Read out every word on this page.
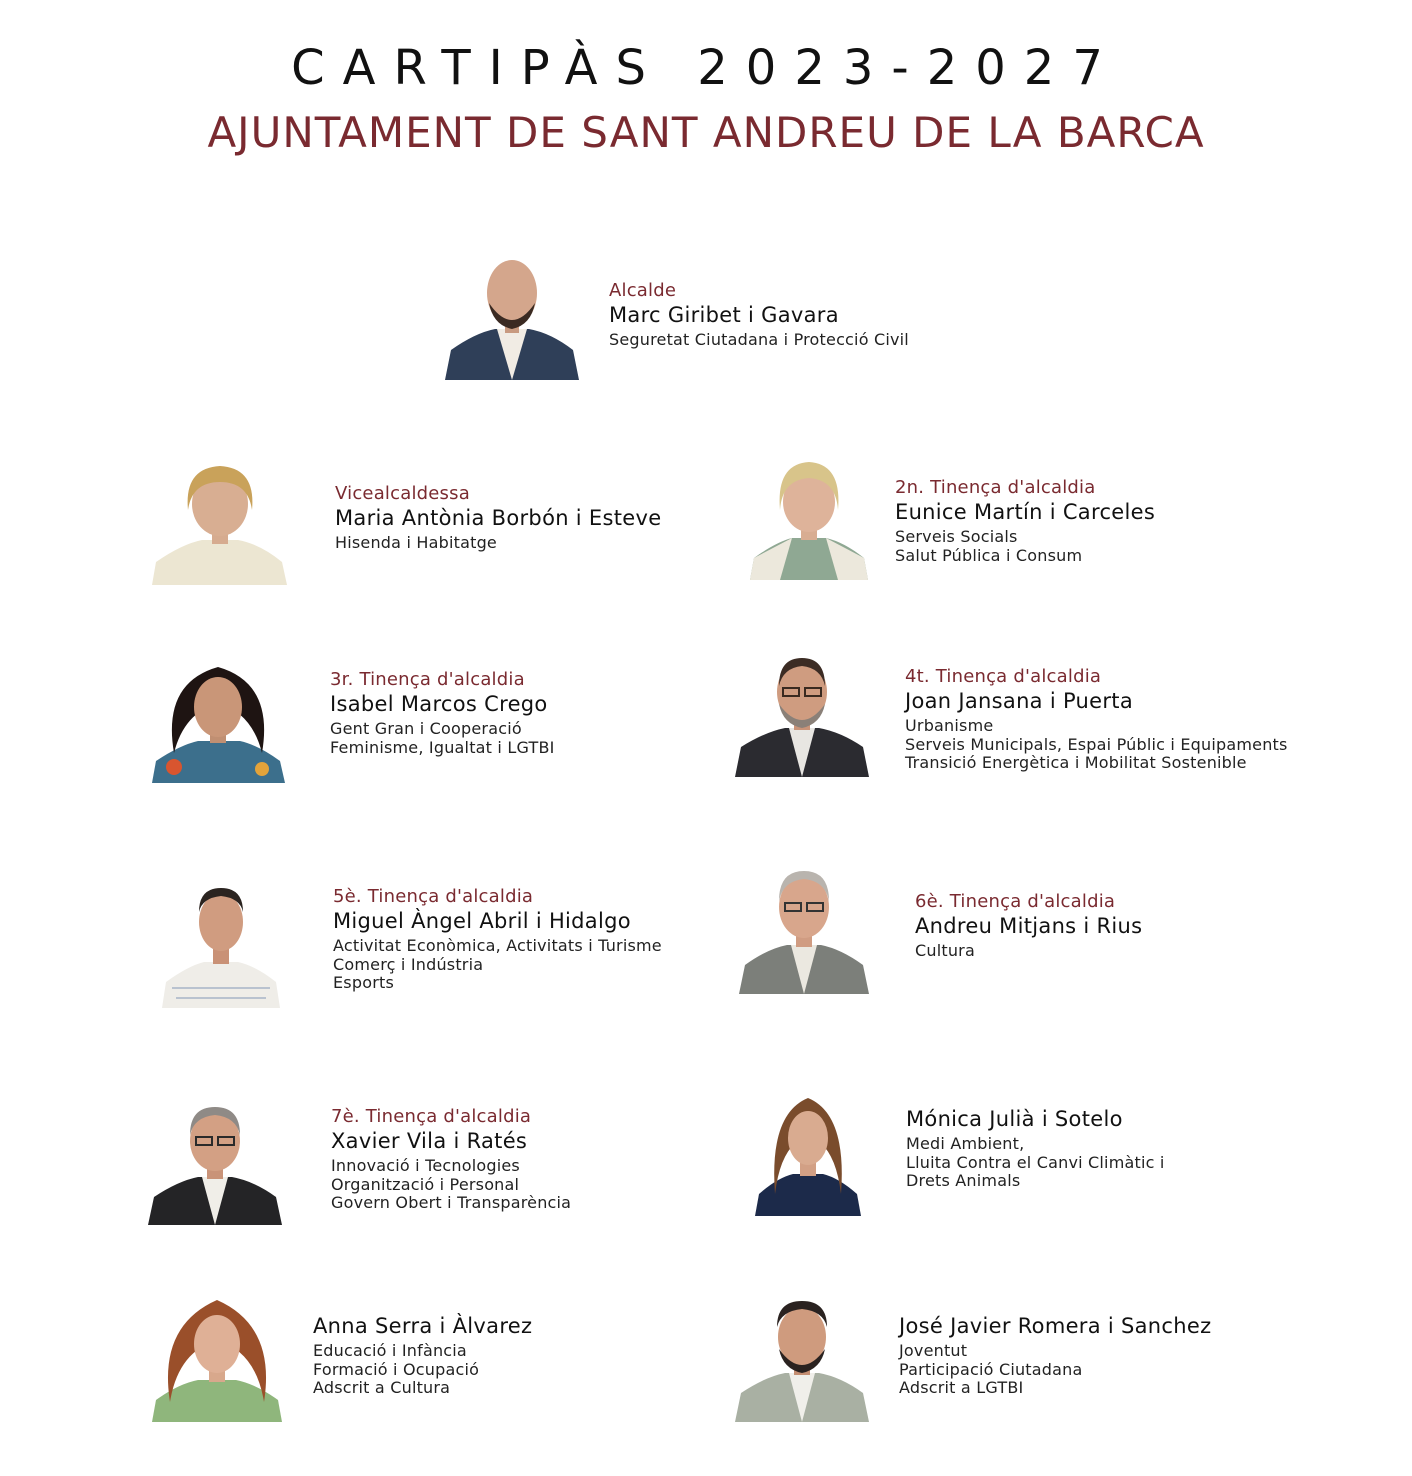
CARTIPÀS 2023-2027
AJUNTAMENT DE SANT ANDREU DE LA BARCA
Alcalde
Marc Giribet i Gavara
Seguretat Ciutadana i Protecció Civil
Vicealcaldessa
Maria Antònia Borbón i Esteve
Hisenda i Habitatge
2n. Tinença d'alcaldia
Eunice Martín i Carceles
Serveis Socials
Salut Pública i Consum
3r. Tinença d'alcaldia
Isabel Marcos Crego
Gent Gran i Cooperació
Feminisme, Igualtat i LGTBI
4t. Tinença d'alcaldia
Joan Jansana i Puerta
Urbanisme
Serveis Municipals, Espai Públic i Equipaments
Transició Energètica i Mobilitat Sostenible
5è. Tinença d'alcaldia
Miguel Àngel Abril i Hidalgo
Activitat Econòmica, Activitats i Turisme
Comerç i Indústria
Esports
6è. Tinença d'alcaldia
Andreu Mitjans i Rius
Cultura
7è. Tinença d'alcaldia
Xavier Vila i Ratés
Innovació i Tecnologies
Organització i Personal
Govern Obert i Transparència
Mónica Julià i Sotelo
Medi Ambient,
Lluita Contra el Canvi Climàtic i
Drets Animals
Anna Serra i Àlvarez
Educació i Infància
Formació i Ocupació
Adscrit a Cultura
José Javier Romera i Sanchez
Joventut
Participació Ciutadana
Adscrit a LGTBI
